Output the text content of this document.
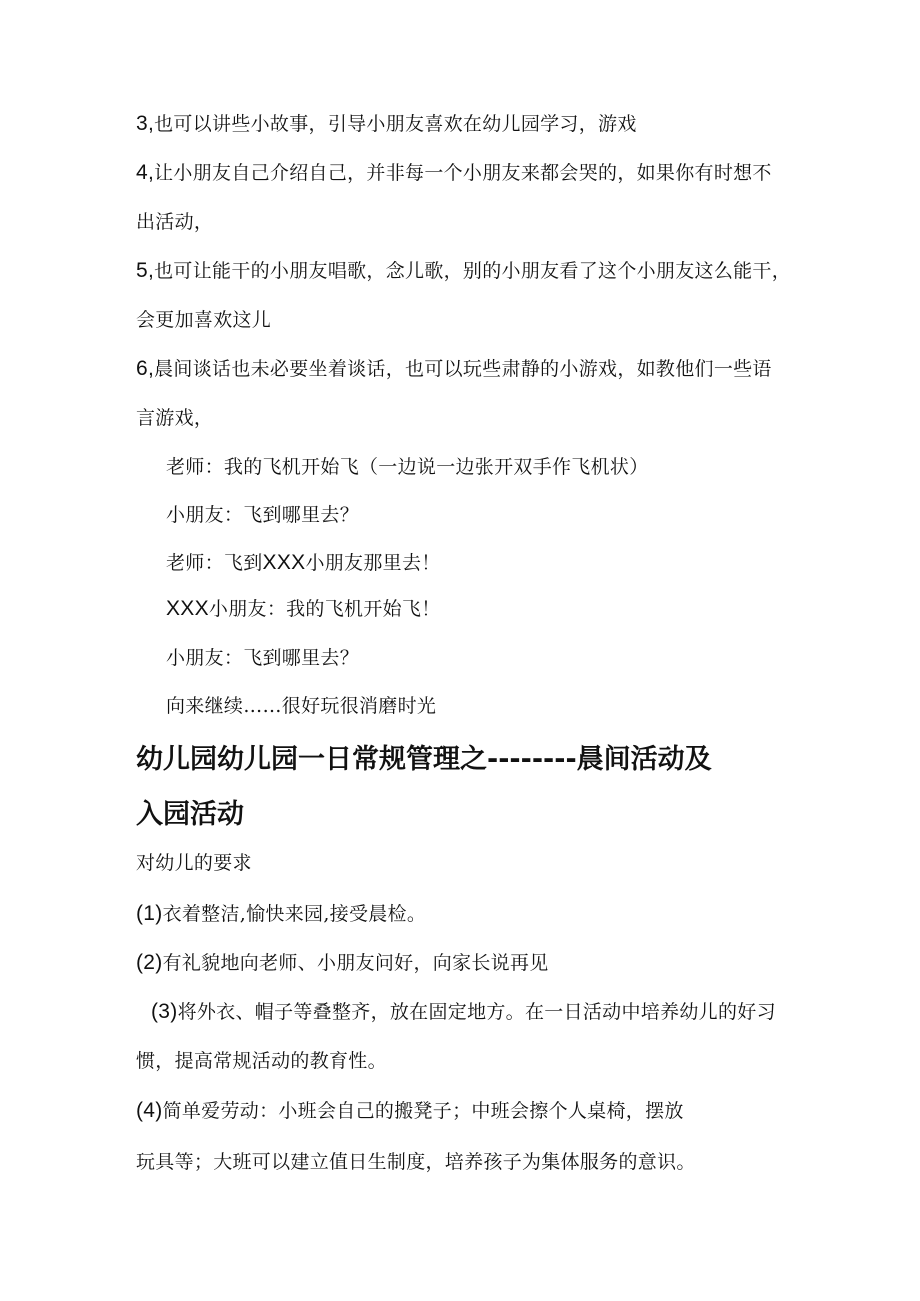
3,也可以讲些小故事，引导小朋友喜欢在幼儿园学习，游戏

4,让小朋友自己介绍自己，并非每一个小朋友来都会哭的，如果你有时想不

出活动，

5,也可让能干的小朋友唱歌，念儿歌，别的小朋友看了这个小朋友这么能干，

会更加喜欢这儿

6,晨间谈话也未必要坐着谈话，也可以玩些肃静的小游戏，如教他们一些语

言游戏，

老师：我的飞机开始飞（一边说一边张开双手作飞机状）

小朋友：飞到哪里去？

老师：飞到XXX小朋友那里去！

XXX小朋友：我的飞机开始飞！

小朋友：飞到哪里去？

向来继续……很好玩很消磨时光

幼儿园幼儿园一日常规管理之--------晨间活动及
入园活动

对幼儿的要求

(1)衣着整洁,愉快来园,接受晨检。

(2)有礼貌地向老师、小朋友问好，向家长说再见

(3)将外衣、帽子等叠整齐，放在固定地方。在一日活动中培养幼儿的好习

惯，提高常规活动的教育性。

(4)简单爱劳动：小班会自己的搬凳子；中班会擦个人桌椅，摆放

玩具等；大班可以建立值日生制度，培养孩子为集体服务的意识。
